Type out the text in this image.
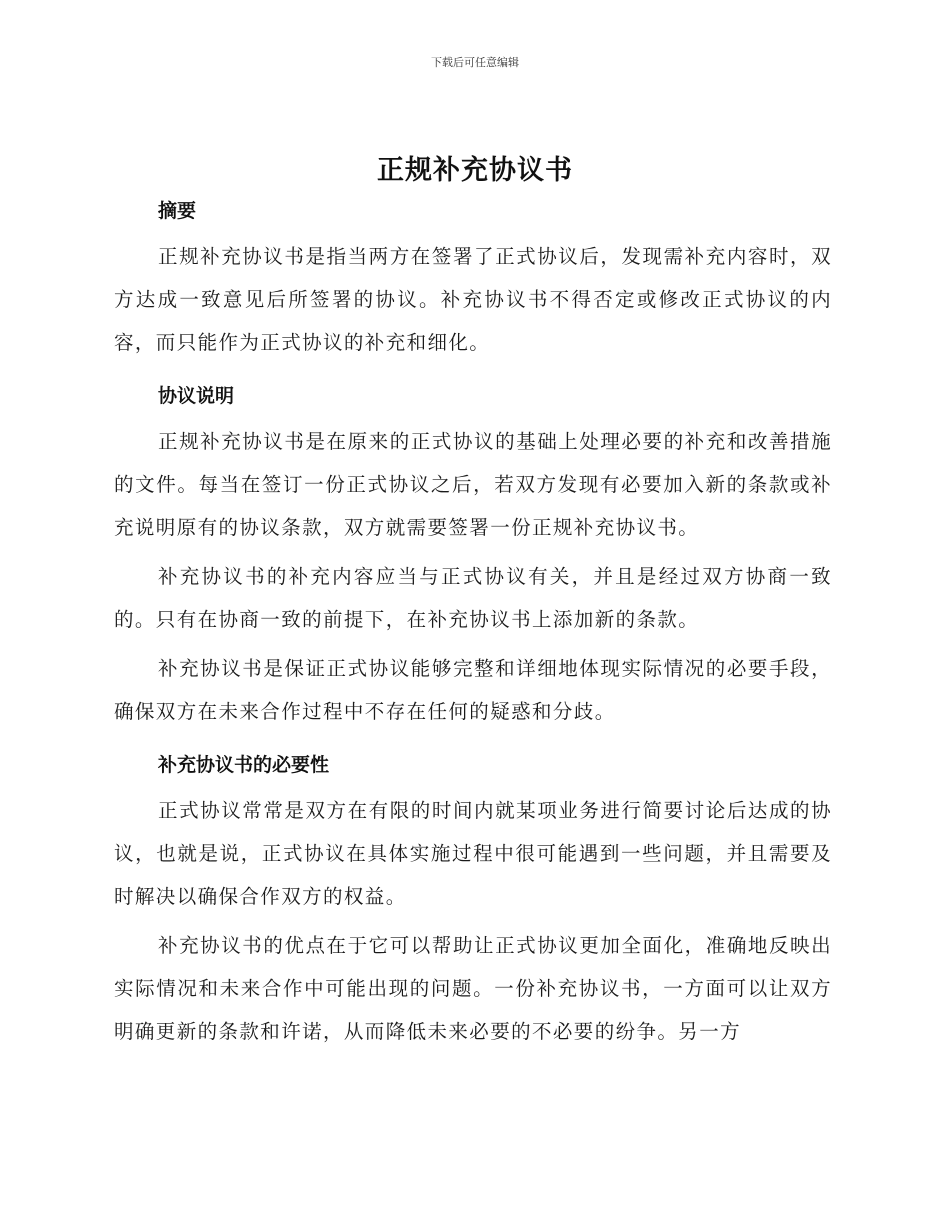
下载后可任意编辑
正规补充协议书
摘要

正规补充协议书是指当两方在签署了正式协议后，发现需补充内容时，双方达成一致意见后所签署的协议。补充协议书不得否定或修改正式协议的内容，而只能作为正式协议的补充和细化。

协议说明

正规补充协议书是在原来的正式协议的基础上处理必要的补充和改善措施的文件。每当在签订一份正式协议之后，若双方发现有必要加入新的条款或补充说明原有的协议条款，双方就需要签署一份正规补充协议书。

补充协议书的补充内容应当与正式协议有关，并且是经过双方协商一致的。只有在协商一致的前提下，在补充协议书上添加新的条款。

补充协议书是保证正式协议能够完整和详细地体现实际情况的必要手段，确保双方在未来合作过程中不存在任何的疑惑和分歧。

补充协议书的必要性

正式协议常常是双方在有限的时间内就某项业务进行简要讨论后达成的协议，也就是说，正式协议在具体实施过程中很可能遇到一些问题，并且需要及时解决以确保合作双方的权益。

补充协议书的优点在于它可以帮助让正式协议更加全面化，准确地反映出实际情况和未来合作中可能出现的问题。一份补充协议书，一方面可以让双方明确更新的条款和许诺，从而降低未来必要的不必要的纷争。另一方
